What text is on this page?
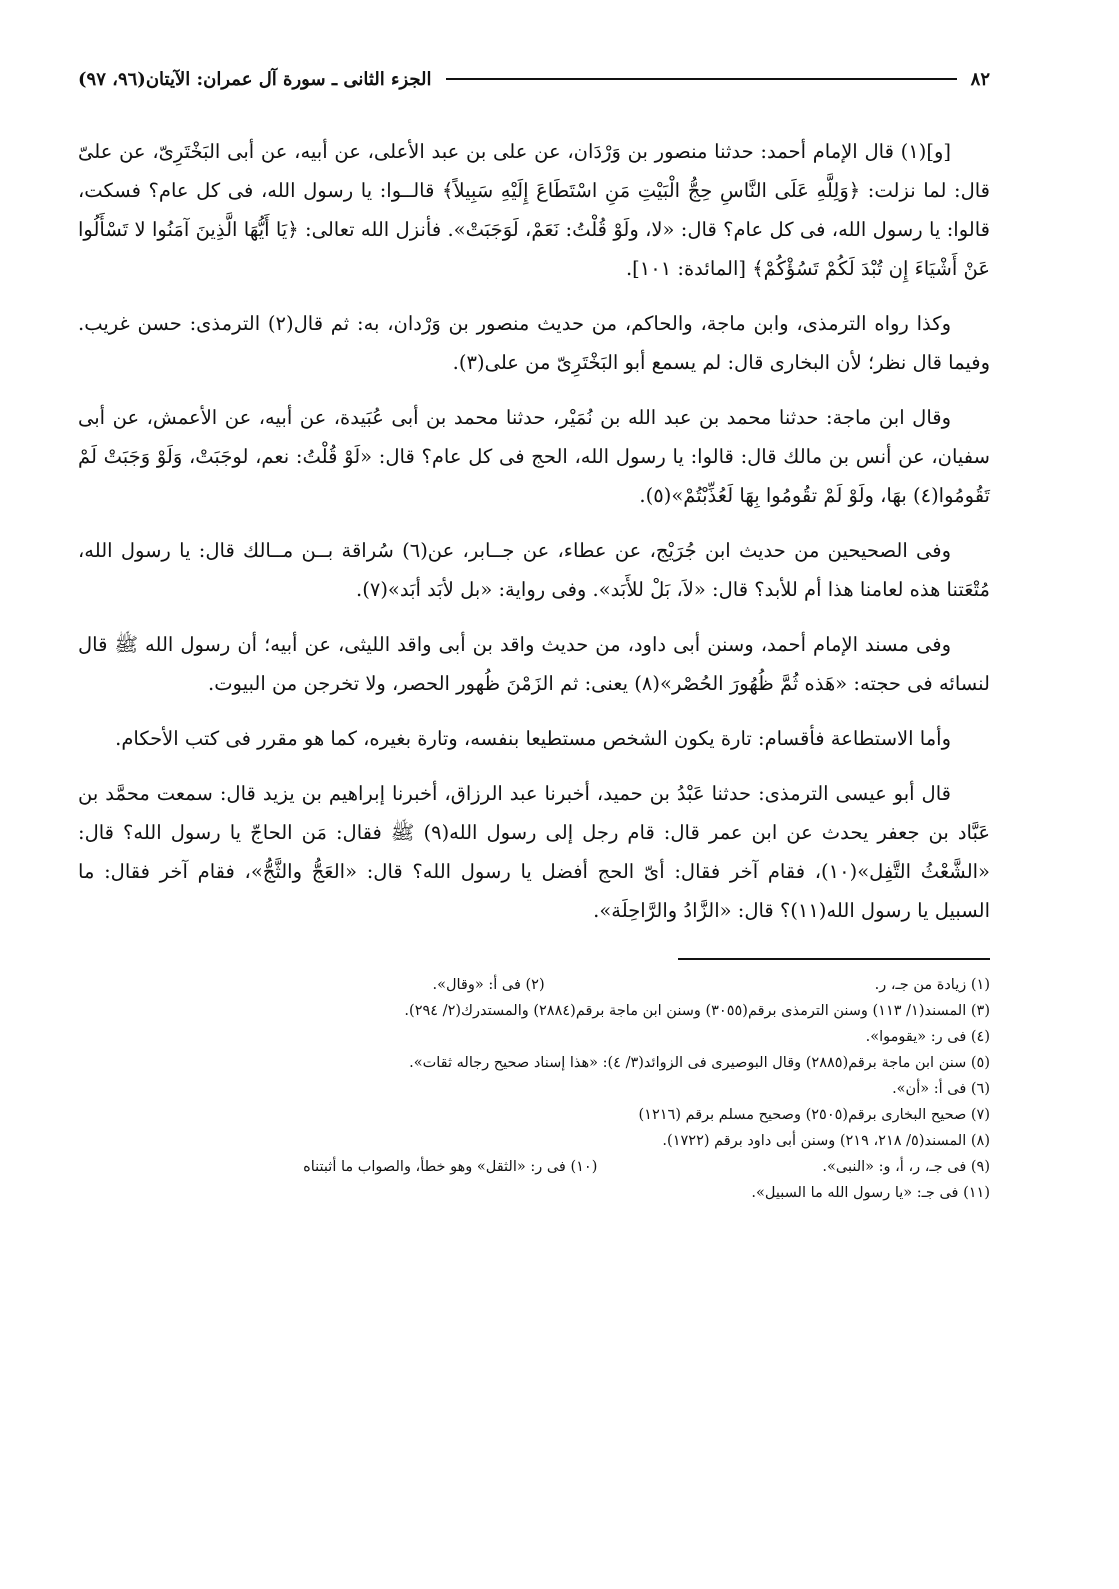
٨٢
الجزء الثانى ـ سورة آل عمران: الآيتان(٩٦، ٩٧)

[و](١) قال الإمام أحمد: حدثنا منصور بن وَرْدَان، عن على بن عبد الأعلى، عن أبيه، عن أبى البَخْتَرِىّ، عن علىّ قال: لما نزلت: ﴿وَلِلَّهِ عَلَى النَّاسِ حِجُّ الْبَيْتِ مَنِ اسْتَطَاعَ إِلَيْهِ سَبِيلاً﴾ قالــوا: يا رسول الله، فى كل عام؟ فسكت، قالوا: يا رسول الله، فى كل عام؟ قال: «لا، ولَوْ قُلْتُ: نَعَمْ، لَوَجَبَتْ». فأنزل الله تعالى: ﴿يَا أَيُّهَا الَّذِينَ آمَنُوا لا تَسْأَلُوا عَنْ أَشْيَاءَ إِن تُبْدَ لَكُمْ تَسُؤْكُمْ﴾ [المائدة: ١٠١].

وكذا رواه الترمذى، وابن ماجة، والحاكم، من حديث منصور بن وَرْدان، به: ثم قال(٢) الترمذى: حسن غريب. وفيما قال نظر؛ لأن البخارى قال: لم يسمع أبو البَخْتَرِىّ من على(٣).

وقال ابن ماجة: حدثنا محمد بن عبد الله بن نُمَيْر، حدثنا محمد بن أبى عُبَيدة، عن أبيه، عن الأعمش، عن أبى سفيان، عن أنس بن مالك قال: قالوا: يا رسول الله، الحج فى كل عام؟ قال: «لَوْ قُلْتُ: نعم، لوجَبَتْ، وَلَوْ وَجَبَتْ لَمْ تَقُومُوا(٤) بهَا، ولَوْ لَمْ تقُومُوا بِهَا لَعُذِّبْتُمْ»(٥).

وفى الصحيحين من حديث ابن جُرَيْج، عن عطاء، عن جــابر، عن(٦) سُراقة بــن مــالك قال: يا رسول الله، مُتْعَتنا هذه لعامنا هذا أم للأبد؟ قال: «لاَ، بَلْ للأَبَد». وفى رواية: «بل لأبَد أبَد»(٧).

وفى مسند الإمام أحمد، وسنن أبى داود، من حديث واقد بن أبى واقد الليثى، عن أبيه؛ أن رسول الله ﷺ قال لنسائه فى حجته: «هَذه ثُمَّ ظُهُورَ الحُصْر»(٨) يعنى: ثم الزَمْنَ ظُهور الحصر، ولا تخرجن من البيوت.

وأما الاستطاعة فأقسام: تارة يكون الشخص مستطيعا بنفسه، وتارة بغيره، كما هو مقرر فى كتب الأحكام.

قال أبو عيسى الترمذى: حدثنا عَبْدُ بن حميد، أخبرنا عبد الرزاق، أخبرنا إبراهيم بن يزيد قال: سمعت محمَّد بن عَبَّاد بن جعفر يحدث عن ابن عمر قال: قام رجل إلى رسول الله(٩) ﷺ فقال: مَن الحاجّ يا رسول الله؟ قال: «الشَّعْثُ التَّفِل»(١٠)، فقام آخر فقال: أىّ الحج أفضل يا رسول الله؟ قال: «العَجُّ والثَّجُّ»، فقام آخر فقال: ما السبيل يا رسول الله(١١)؟ قال: «الزَّادُ والرَّاحِلَة».

(١) زيادة من جـ، ر.
(٢) فى أ: «وقال».
(٣) المسند(١/ ١١٣) وسنن الترمذى برقم(٣٠٥٥) وسنن ابن ماجة برقم(٢٨٨٤) والمستدرك(٢/ ٢٩٤).
(٤) فى ر: «يقوموا».
(٥) سنن ابن ماجة برقم(٢٨٨٥) وقال البوصيرى فى الزوائد(٣/ ٤): «هذا إسناد صحيح رجاله ثقات».
(٦) فى أ: «أن».
(٧) صحيح البخارى برقم(٢٥٠٥) وصحيح مسلم برقم (١٢١٦)
(٨) المسند(٥/ ٢١٨، ٢١٩) وسنن أبى داود برقم (١٧٢٢).
(٩) فى جـ، ر، أ، و: «النبى».
(١٠) فى ر: «الثقل» وهو خطأ، والصواب ما أثبتناه
(١١) فى جـ: «يا رسول الله ما السبيل».
